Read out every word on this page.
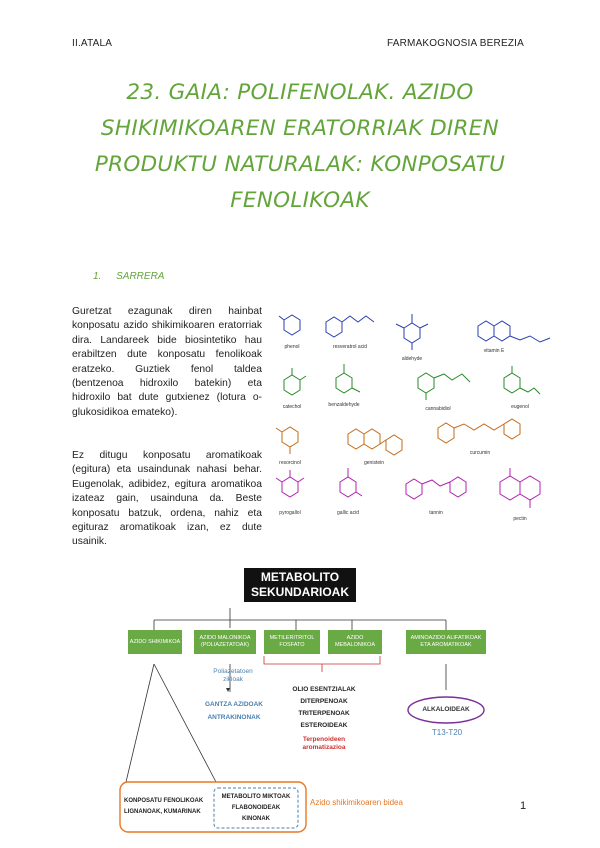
II.ATALA	FARMAKOGNOSIA BEREZIA
23. GAIA: POLIFENOLAK. AZIDO
SHIKIMIKOAREN ERATORRIAK DIREN
PRODUKTU NATURALAK: KONPOSATU
FENOLIKOAK
1. SARRERA
Guretzat ezagunak diren hainbat konposatu azido shikimikoaren eratorriak dira. Landareek bide biosintetiko hau erabiltzen dute konposatu fenolikoak eratzeko. Guztiek fenol taldea (bentzenoa hidroxilo batekin) eta hidroxilo bat dute gutxienez (lotura o-glukosidikoa emateko).
Ez ditugu konposatu aromatikoak (egitura) eta usaindunak nahasi behar. Eugenolak, adibidez, egitura aromatikoa izateaz gain, usainduna da. Beste konposatu batzuk, ordena, nahiz eta egituraz aromatikoak izan, ez dute usainik.
phenol	resveratrol acid
aldehyde
vitamin E
catechol	benzaldehyde
cannabidiol	eugenol
resorcinol	genistein
curcumin
pyrogallol	gallic acid	tannin
pectin
METABOLITO
SEKUNDARIOAK
AZIDO SHIKIMIKOA
AZIDO MALONIKOA (POLIAZETATOAK)
METILERITRITOL FOSFATO
AZIDO MEBALONIKOA
AMINOAZIDO ALIFATIKOAK ETA AROMATIKOAK
Poliazetatoen
zikloak
GANTZA AZIDOAK
ANTRAKINONAK
OLIO ESENTZIALAK
DITERPENOAK
TRITERPENOAK
ESTEROIDEAK
Terpenoideen
aromatizazioa
ALKALOIDEAK
T13-T20
KONPOSATU FENOLIKOAK
LIGNANOAK, KUMARINAK
METABOLITO MIKTOAK
FLABONOIDEAK
KINONAK
Azido shikimikoaren bidea	1
